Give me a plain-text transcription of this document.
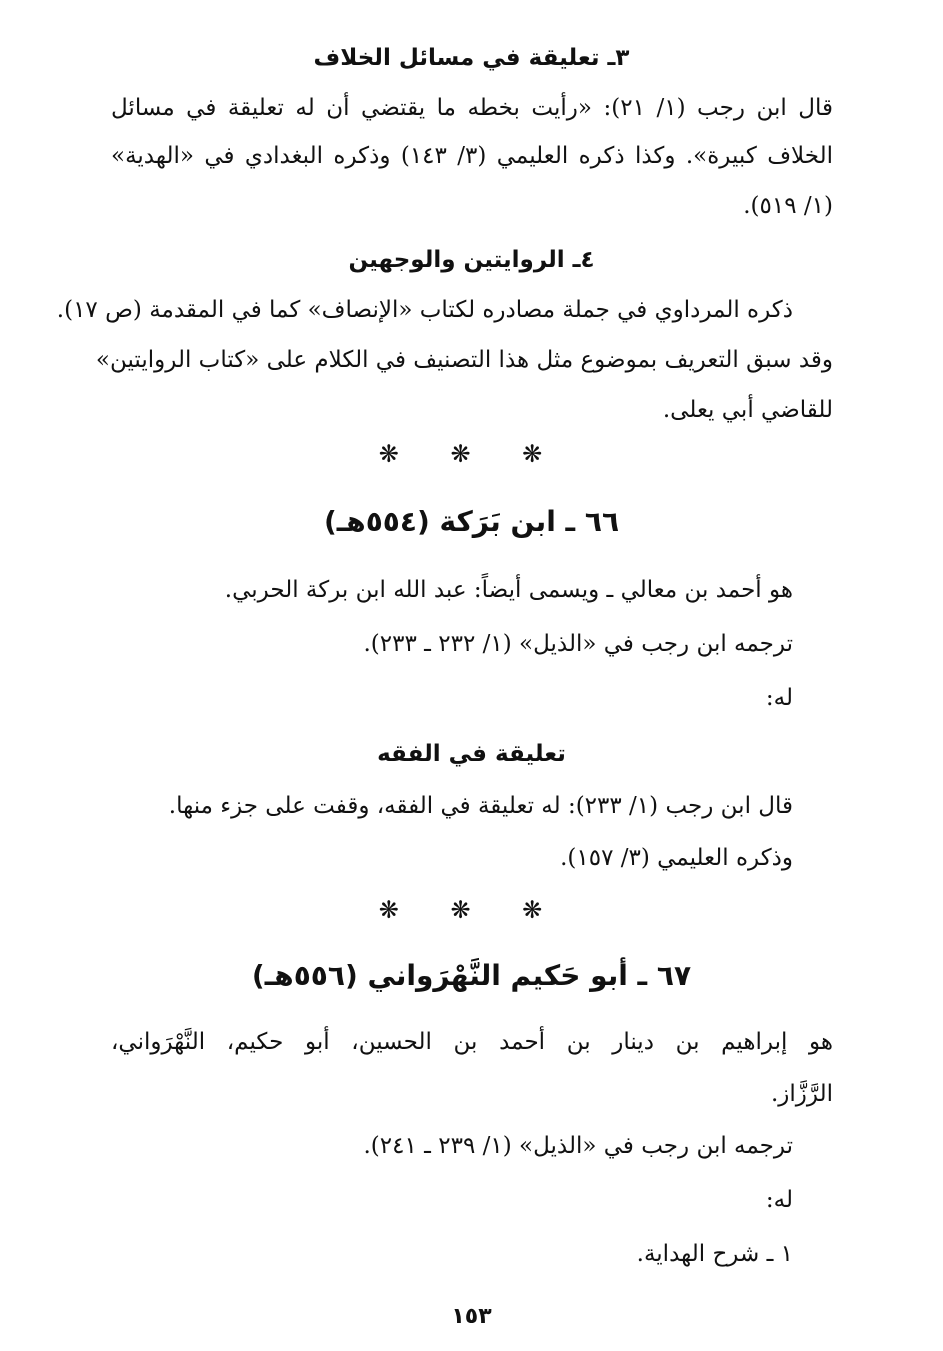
٣ـ تعليقة في مسائل الخلاف
قال ابن رجب (١/ ٢١): «رأيت بخطه ما يقتضي أن له تعليقة في مسائل
الخلاف كبيرة». وكذا ذكره العليمي (٣/ ١٤٣) وذكره البغدادي في «الهدية»
(١/ ٥١٩).
٤ـ الروايتين والوجهين
ذكره المرداوي في جملة مصادره لكتاب «الإنصاف» كما في المقدمة (ص ١٧).
وقد سبق التعريف بموضوع مثل هذا التصنيف في الكلام على «كتاب الروايتين»
للقاضي أبي يعلى.
❋ ❋ ❋
٦٦ ـ ابن بَرَكة (٥٥٤هـ)
هو أحمد بن معالي ـ ويسمى أيضاً: عبد الله ابن بركة الحربي.
ترجمه ابن رجب في «الذيل» (١/ ٢٣٢ ـ ٢٣٣).
له:
تعليقة في الفقه
قال ابن رجب (١/ ٢٣٣): له تعليقة في الفقه، وقفت على جزء منها.
وذكره العليمي (٣/ ١٥٧).
❋ ❋ ❋
٦٧ ـ أبو حَكيم النَّهْرَواني (٥٥٦هـ)
هو إبراهيم بن دينار بن أحمد بن الحسين، أبو حكيم، النَّهْرَواني،
الرَّزَّاز.
ترجمه ابن رجب في «الذيل» (١/ ٢٣٩ ـ ٢٤١).
له:
١ ـ شرح الهداية.
١٥٣
